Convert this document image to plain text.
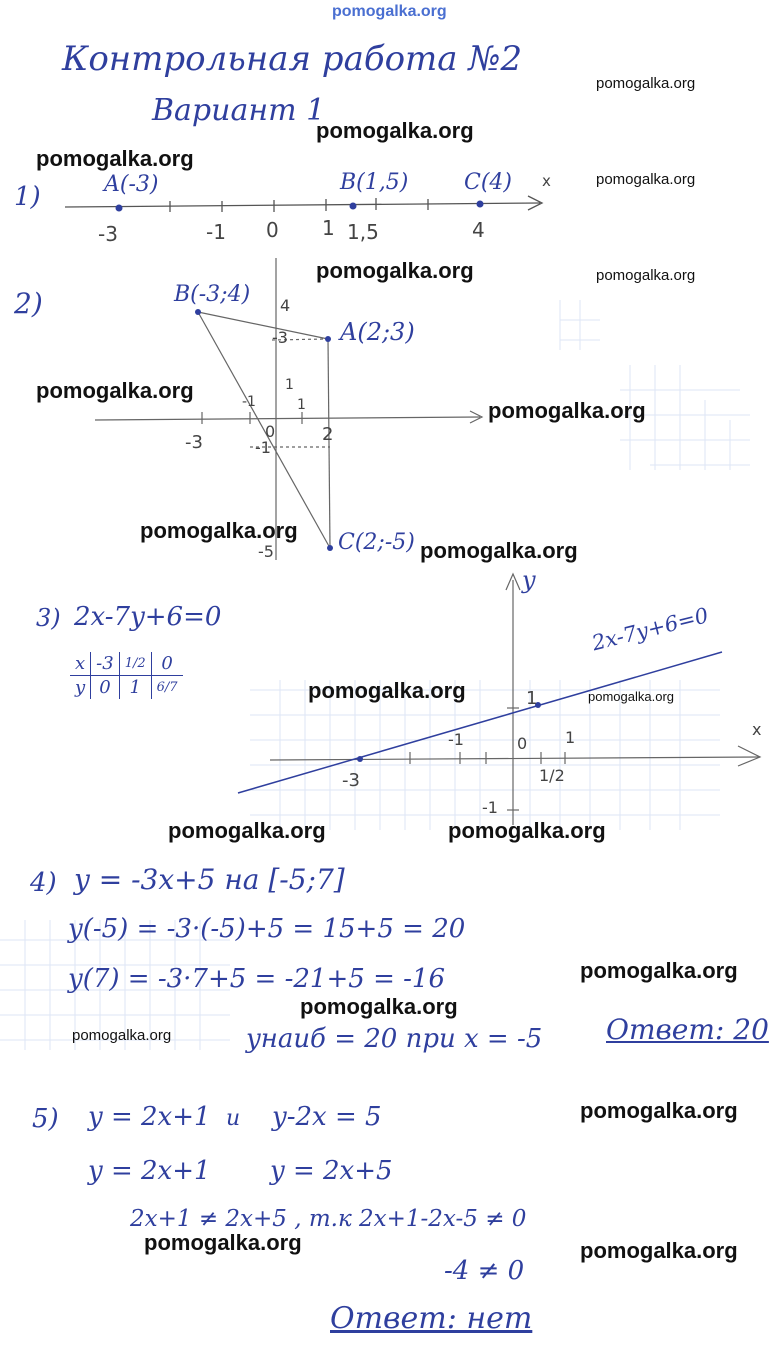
pomogalka.org
Контрольная работа №2
Вариант 1
1)	A(-3)	B(1,5)	C(4) x
-3	-1 0 1 1,5	4
2)	B(-3;4)
A(2;3)
C(2;-5)
4
-3
1
-1	1
0
-3	-1
2
-5
3) 2x-7y+6=0
x	-3	1/2	0
y	0	1	6/7
2x-7y+6=0
y
x
1
-1	0 1
1/2
-3
-1
4) y = -3x+5 на [-5;7]
y(-5) = -3·(-5)+5 = 15+5 = 20
y(7) = -3·7+5 = -21+5 = -16
yнаиб = 20 при x = -5 Ответ: 20
5) y = 2x+1 и y-2x = 5
y = 2x+1 y = 2x+5
2x+1 ≠ 2x+5 , т.к 2x+1-2x-5 ≠ 0
-4 ≠ 0
Ответ: нет
pomogalka.org
pomogalka.org
pomogalka.org
pomogalka.org
pomogalka.org	pomogalka.org
pomogalka.org
pomogalka.org
pomogalka.org
pomogalka.org
pomogalka.org	pomogalka.org
pomogalka.org	pomogalka.org
pomogalka.org
pomogalka.org
pomogalka.org
pomogalka.org
pomogalka.org	pomogalka.org
